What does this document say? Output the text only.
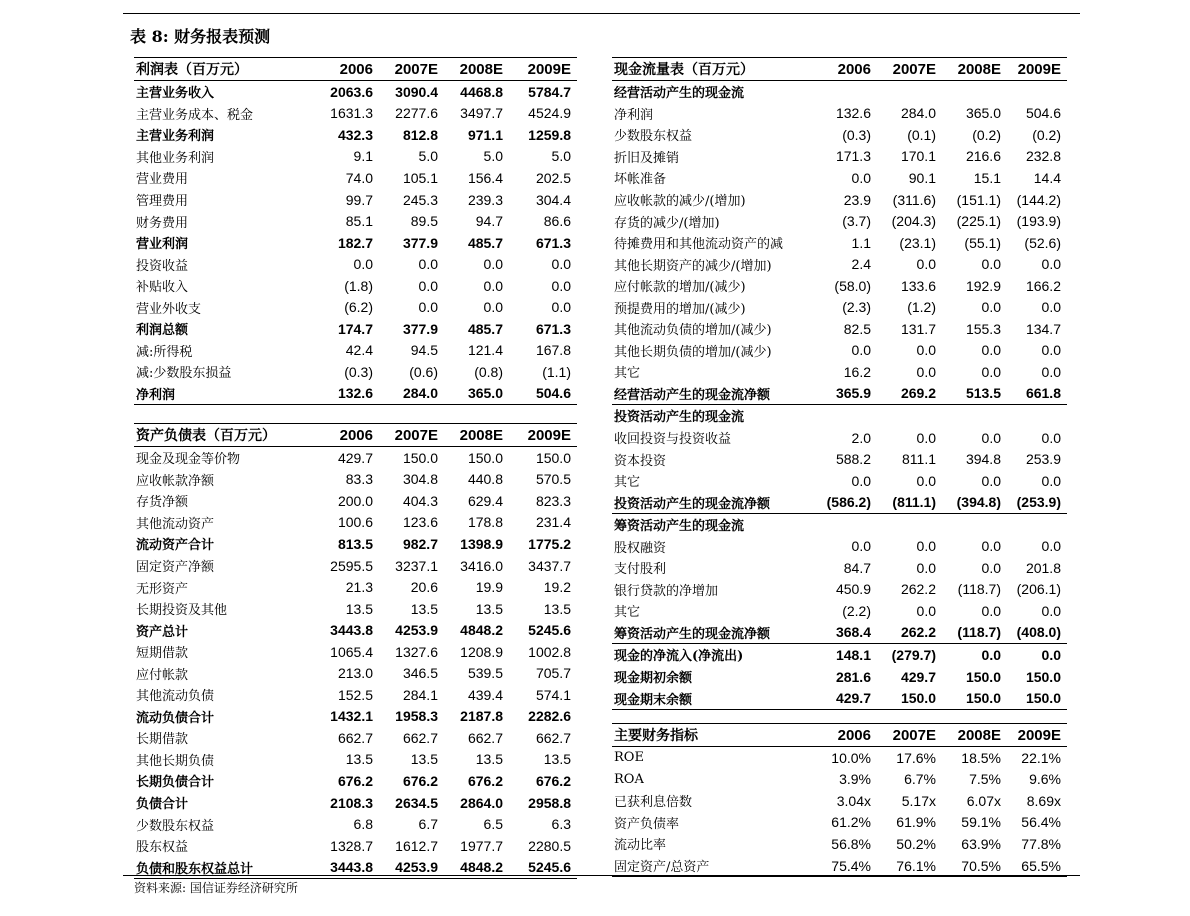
表 8: 财务报表预测
利润表（百万元）	2006	2007E	2008E	2009E
主营业务收入	2063.6	3090.4	4468.8	5784.7
主营业务成本、税金	1631.3	2277.6	3497.7	4524.9
主营业务利润	432.3	812.8	971.1	1259.8
其他业务利润	9.1	5.0	5.0	5.0
营业费用	74.0	105.1	156.4	202.5
管理费用	99.7	245.3	239.3	304.4
财务费用	85.1	89.5	94.7	86.6
营业利润	182.7	377.9	485.7	671.3
投资收益	0.0	0.0	0.0	0.0
补贴收入	(1.8)	0.0	0.0	0.0
营业外收支	(6.2)	0.0	0.0	0.0
利润总额	174.7	377.9	485.7	671.3
减:所得税	42.4	94.5	121.4	167.8
减:少数股东损益	(0.3)	(0.6)	(0.8)	(1.1)
净利润	132.6	284.0	365.0	504.6
资产负债表（百万元）	2006	2007E	2008E	2009E
现金及现金等价物	429.7	150.0	150.0	150.0
应收帐款净额	83.3	304.8	440.8	570.5
存货净额	200.0	404.3	629.4	823.3
其他流动资产	100.6	123.6	178.8	231.4
流动资产合计	813.5	982.7	1398.9	1775.2
固定资产净额	2595.5	3237.1	3416.0	3437.7
无形资产	21.3	20.6	19.9	19.2
长期投资及其他	13.5	13.5	13.5	13.5
资产总计	3443.8	4253.9	4848.2	5245.6
短期借款	1065.4	1327.6	1208.9	1002.8
应付帐款	213.0	346.5	539.5	705.7
其他流动负债	152.5	284.1	439.4	574.1
流动负债合计	1432.1	1958.3	2187.8	2282.6
长期借款	662.7	662.7	662.7	662.7
其他长期负债	13.5	13.5	13.5	13.5
长期负债合计	676.2	676.2	676.2	676.2
负债合计	2108.3	2634.5	2864.0	2958.8
少数股东权益	6.8	6.7	6.5	6.3
股东权益	1328.7	1612.7	1977.7	2280.5
负债和股东权益总计	3443.8	4253.9	4848.2	5245.6
现金流量表（百万元）	2006	2007E	2008E	2009E
经营活动产生的现金流				
净利润	132.6	284.0	365.0	504.6
少数股东权益	(0.3)	(0.1)	(0.2)	(0.2)
折旧及摊销	171.3	170.1	216.6	232.8
坏帐准备	0.0	90.1	15.1	14.4
应收帐款的减少/(增加)	23.9	(311.6)	(151.1)	(144.2)
存货的减少/(增加)	(3.7)	(204.3)	(225.1)	(193.9)
待摊费用和其他流动资产的减	1.1	(23.1)	(55.1)	(52.6)
其他长期资产的减少/(增加)	2.4	0.0	0.0	0.0
应付帐款的增加/(减少)	(58.0)	133.6	192.9	166.2
预提费用的增加/(减少)	(2.3)	(1.2)	0.0	0.0
其他流动负债的增加/(减少)	82.5	131.7	155.3	134.7
其他长期负债的增加/(减少)	0.0	0.0	0.0	0.0
其它	16.2	0.0	0.0	0.0
经营活动产生的现金流净额	365.9	269.2	513.5	661.8
投资活动产生的现金流				
收回投资与投资收益	2.0	0.0	0.0	0.0
资本投资	588.2	811.1	394.8	253.9
其它	0.0	0.0	0.0	0.0
投资活动产生的现金流净额	(586.2)	(811.1)	(394.8)	(253.9)
筹资活动产生的现金流				
股权融资	0.0	0.0	0.0	0.0
支付股利	84.7	0.0	0.0	201.8
银行贷款的净增加	450.9	262.2	(118.7)	(206.1)
其它	(2.2)	0.0	0.0	0.0
筹资活动产生的现金流净额	368.4	262.2	(118.7)	(408.0)
现金的净流入(净流出)	148.1	(279.7)	0.0	0.0
现金期初余额	281.6	429.7	150.0	150.0
现金期末余额	429.7	150.0	150.0	150.0
主要财务指标	2006	2007E	2008E	2009E
ROE	10.0%	17.6%	18.5%	22.1%
ROA	3.9%	6.7%	7.5%	9.6%
已获利息倍数	3.04x	5.17x	6.07x	8.69x
资产负债率	61.2%	61.9%	59.1%	56.4%
流动比率	56.8%	50.2%	63.9%	77.8%
固定资产/总资产	75.4%	76.1%	70.5%	65.5%
资料来源: 国信证券经济研究所
